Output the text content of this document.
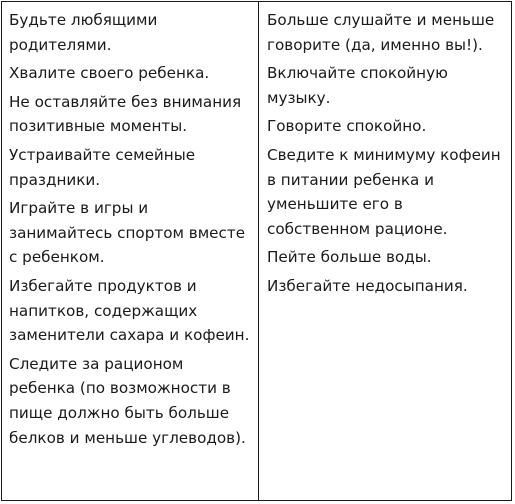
Будьте любящими родителями.

Хвалите своего ребенка.

Не оставляйте без внимания позитивные моменты.

Устраивайте семейные праздники.

Играйте в игры и занимайтесь спортом вместе с ребенком.

Избегайте продуктов и напитков, содержащих заменители сахара и кофеин.

Следите за рационом ребенка (по возможности в пище должно быть больше белков и меньше углеводов).

Больше слушайте и меньше говорите (да, именно вы!).

Включайте спокойную музыку.

Говорите спокойно.

Сведите к минимуму кофеин в питании ребенка и уменьшите его в собственном рационе.

Пейте больше воды.

Избегайте недосыпания.
